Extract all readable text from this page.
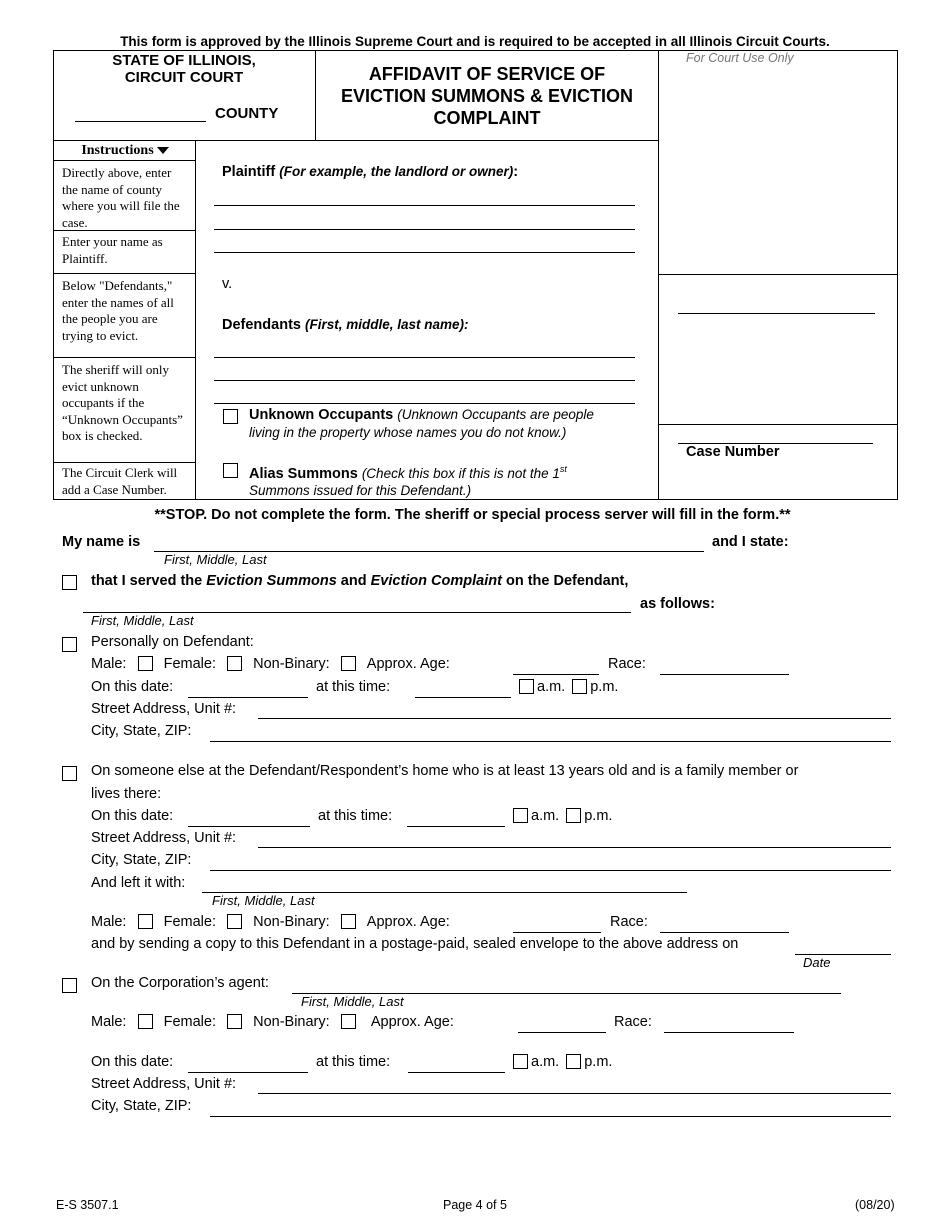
This form is approved by the Illinois Supreme Court and is required to be accepted in all Illinois Circuit Courts.
STATE OF ILLINOIS,
CIRCUIT COURT
COUNTY
AFFIDAVIT OF SERVICE OF
EVICTION SUMMONS & EVICTION
COMPLAINT
For Court Use Only
Instructions
Directly above, enter the name of county where you will file the case.
Enter your name as Plaintiff.
Below "Defendants," enter the names of all the people you are trying to evict.
The sheriff will only evict unknown occupants if the “Unknown Occupants” box is checked.
The Circuit Clerk will add a Case Number.
Plaintiff (For example, the landlord or owner):
v.
Defendants (First, middle, last name):
Unknown Occupants (Unknown Occupants are people
living in the property whose names you do not know.)
Alias Summons (Check this box if this is not the 1st
Summons issued for this Defendant.)
Case Number
**STOP. Do not complete the form. The sheriff or special process server will fill in the form.**
My name is	and I state:
First, Middle, Last
that I served the Eviction Summons and Eviction Complaint on the Defendant,
as follows:
First, Middle, Last
Personally on Defendant:
Male:	Female:	Non-Binary:	Approx. Age:	Race:
On this date:	at this time:	a.m. p.m.
Street Address, Unit #:
City, State, ZIP:
On someone else at the Defendant/Respondent’s home who is at least 13 years old and is a family member or
lives there:
On this date:	at this time:	a.m. p.m.
Street Address, Unit #:
City, State, ZIP:
And left it with:
First, Middle, Last
Male:	Female:	Non-Binary:	Approx. Age:	Race:
and by sending a copy to this Defendant in a postage-paid, sealed envelope to the above address on
Date
On the Corporation’s agent:
First, Middle, Last
Male:	Female:	Non-Binary:	Approx. Age:	Race:
On this date:	at this time:	a.m. p.m.
Street Address, Unit #:
City, State, ZIP:
E-S 3507.1	Page 4 of 5	(08/20)
